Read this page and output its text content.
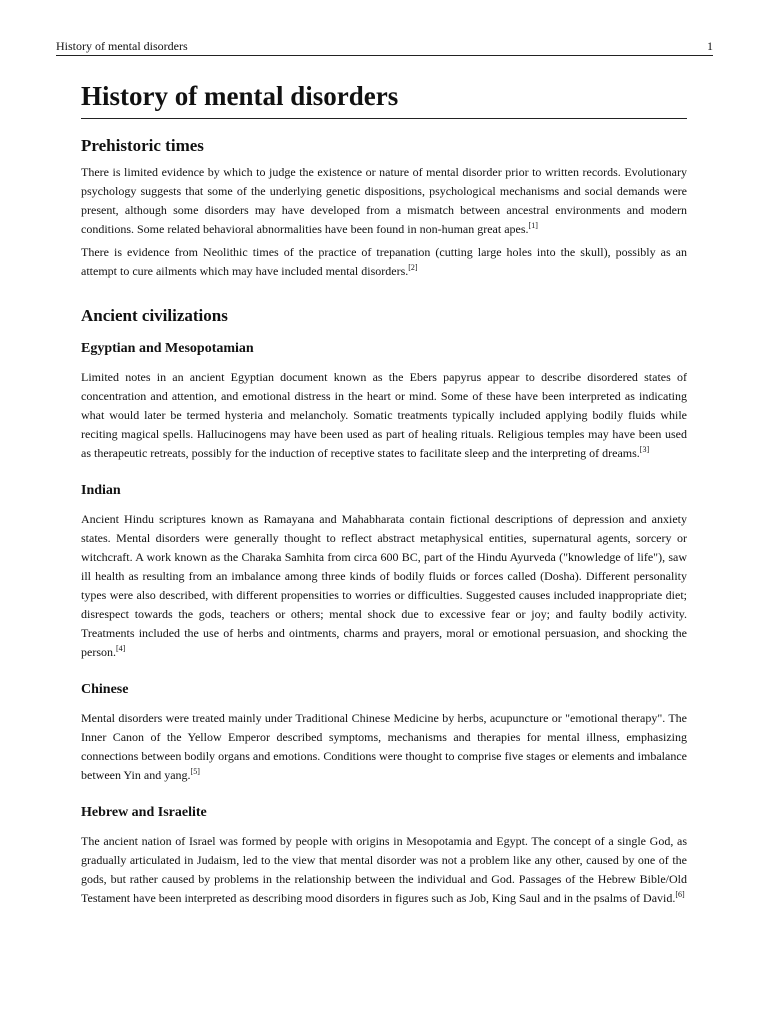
History of mental disorders	1
History of mental disorders
Prehistoric times

There is limited evidence by which to judge the existence or nature of mental disorder prior to written records. Evolutionary psychology suggests that some of the underlying genetic dispositions, psychological mechanisms and social demands were present, although some disorders may have developed from a mismatch between ancestral environments and modern conditions. Some related behavioral abnormalities have been found in non-human great apes.[1]

There is evidence from Neolithic times of the practice of trepanation (cutting large holes into the skull), possibly as an attempt to cure ailments which may have included mental disorders.[2]

Ancient civilizations
Egyptian and Mesopotamian

Limited notes in an ancient Egyptian document known as the Ebers papyrus appear to describe disordered states of concentration and attention, and emotional distress in the heart or mind. Some of these have been interpreted as indicating what would later be termed hysteria and melancholy. Somatic treatments typically included applying bodily fluids while reciting magical spells. Hallucinogens may have been used as part of healing rituals. Religious temples may have been used as therapeutic retreats, possibly for the induction of receptive states to facilitate sleep and the interpreting of dreams.[3]

Indian

Ancient Hindu scriptures known as Ramayana and Mahabharata contain fictional descriptions of depression and anxiety states. Mental disorders were generally thought to reflect abstract metaphysical entities, supernatural agents, sorcery or witchcraft. A work known as the Charaka Samhita from circa 600 BC, part of the Hindu Ayurveda ("knowledge of life"), saw ill health as resulting from an imbalance among three kinds of bodily fluids or forces called (Dosha). Different personality types were also described, with different propensities to worries or difficulties. Suggested causes included inappropriate diet; disrespect towards the gods, teachers or others; mental shock due to excessive fear or joy; and faulty bodily activity. Treatments included the use of herbs and ointments, charms and prayers, moral or emotional persuasion, and shocking the person.[4]

Chinese

Mental disorders were treated mainly under Traditional Chinese Medicine by herbs, acupuncture or "emotional therapy". The Inner Canon of the Yellow Emperor described symptoms, mechanisms and therapies for mental illness, emphasizing connections between bodily organs and emotions. Conditions were thought to comprise five stages or elements and imbalance between Yin and yang.[5]

Hebrew and Israelite

The ancient nation of Israel was formed by people with origins in Mesopotamia and Egypt. The concept of a single God, as gradually articulated in Judaism, led to the view that mental disorder was not a problem like any other, caused by one of the gods, but rather caused by problems in the relationship between the individual and God. Passages of the Hebrew Bible/Old Testament have been interpreted as describing mood disorders in figures such as Job, King Saul and in the psalms of David.[6]
